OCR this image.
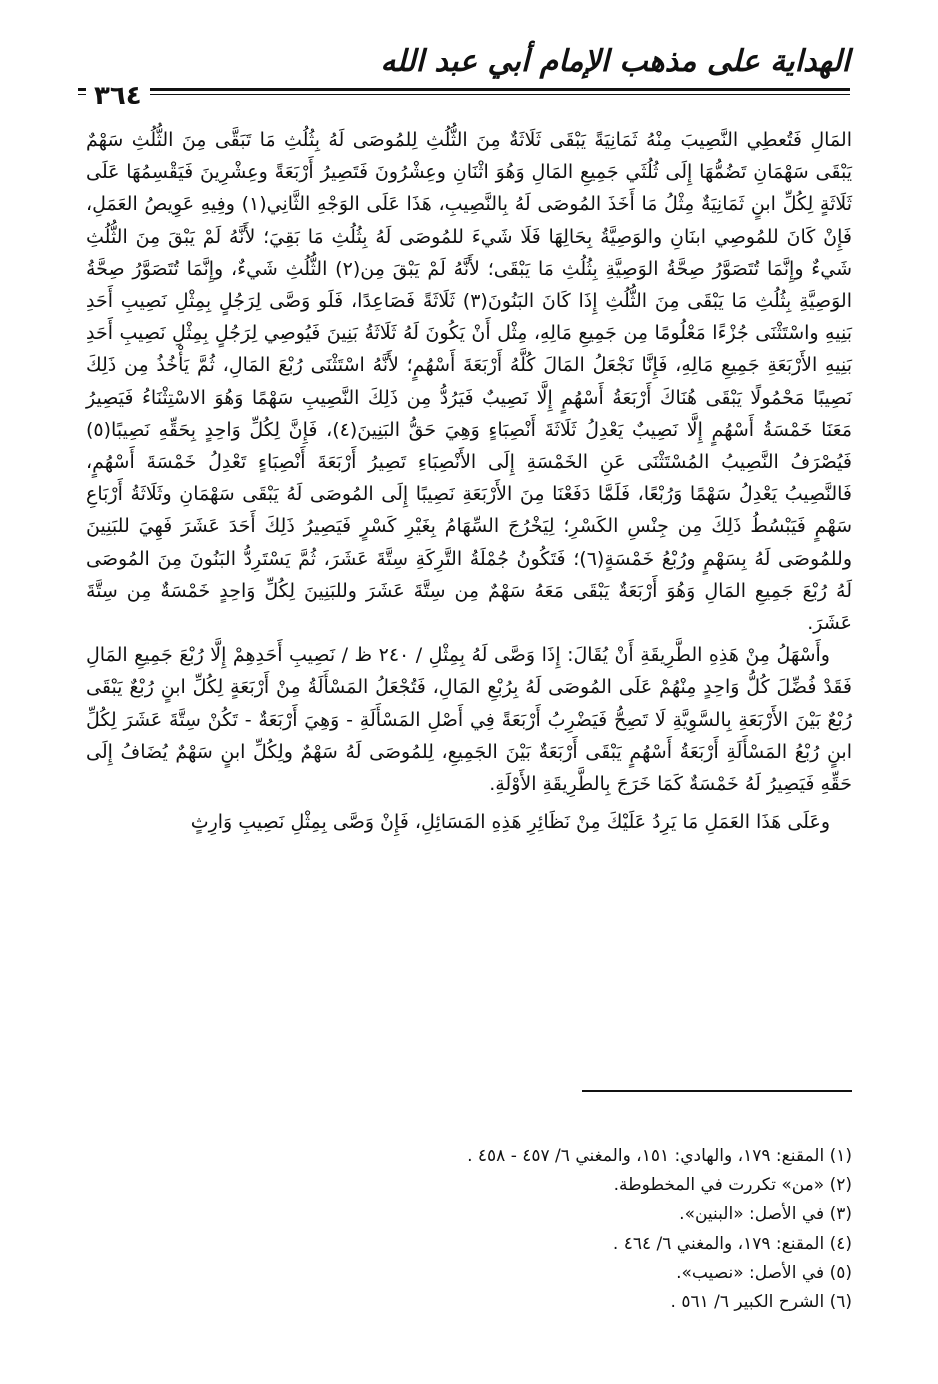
الهداية على مذهب الإمام أبي عبد الله
٣٦٤

المَالِ فَتُعطِي النَّصِيبَ مِنْهُ ثَمَانِيَةً يَبْقَى ثَلَاثَةٌ مِنَ الثُّلُثِ لِلمُوصَى لَهُ بِثُلُثِ مَا تَبَقَّى مِنَ الثُّلُثِ سَهْمٌ يَبْقَى سَهْمَانِ تَضُمُّهَا إِلَى ثُلُثَي جَمِيعِ المَالِ وَهُوَ اثْنَانِ وعِشْرُونَ فَتَصِيرُ أَرْبَعَةً وعِشْرِينَ فَيَقْسِمُهَا عَلَى ثَلَاثَةٍ لِكُلِّ ابنٍ ثَمَانِيَةٌ مِثْلُ مَا أَخَذَ المُوصَى لَهُ بِالنَّصِيبِ، هَذَا عَلَى الوَجْهِ الثَّانِي(١) وفِيهِ عَوِيصُ العَمَلِ، فَإِنْ كَانَ للمُوصِي ابنَانِ والوَصِيَّةُ بِحَالِهَا فَلَا شَيءَ للمُوصَى لَهُ بِثُلُثِ مَا بَقِيَ؛ لأَنَّهُ لَمْ يَبْقَ مِنَ الثُّلُثِ شَيءٌ وإِنَّمَا تُتَصَوَّرُ صِحَّةُ الوَصِيَّةِ بِثُلُثِ مَا يَبْقَى؛ لأَنَّهُ لَمْ يَبْقَ مِن(٢) الثُّلُثِ شَيءٌ، وإِنَّمَا تُتَصَوَّرُ صِحَّةُ الوَصِيَّةِ بِثُلُثِ مَا يَبْقَى مِنَ الثُّلُثِ إِذَا كَانَ البَنُونَ(٣) ثَلَاثَةً فَصَاعِدًا، فَلَو وَصَّى لِرَجُلٍ بِمِثْلِ نَصِيبِ أَحَدِ بَنِيهِ واسْتَثْنَى جُزْءًا مَعْلُومًا مِن جَمِيعِ مَالِهِ، مِثْل أَنْ يَكُونَ لَهُ ثَلَاثَةُ بَنِينَ فَيُوصِي لِرَجُلٍ بِمِثْلِ نَصِيبِ أَحَدِ بَنِيهِ الأَرْبَعَةِ جَمِيعِ مَالِهِ، فَإِنَّا نَجْعَلُ المَالَ كُلَّهُ أَرْبَعَةَ أَسْهُمٍ؛ لأَنَّهُ اسْتَثْنَى رُبْعَ المَالِ، ثُمَّ يَأْخُذُ مِن ذَلِكَ نَصِيبًا مَحْمُولًا يَبْقَى هُنَاكَ أَرْبَعَةُ أَسْهُمٍ إِلَّا نَصِيبٌ فَيَرُدُّ مِن ذَلِكَ النَّصِيبِ سَهْمًا وَهُوَ الاسْتِثْنَاءُ فَيَصِيرُ مَعَنَا خَمْسَةُ أَسْهُمٍ إِلَّا نَصِيبٌ يَعْدِلُ ثَلَاثَةَ أَنْصِبَاءٍ وَهِيَ حَقُّ البَنِينَ(٤)، فَإِنَّ لِكُلِّ وَاحِدٍ بِحَقِّهِ نَصِيبًا(٥) فَيُصْرَفُ النَّصِيبُ المُسْتَثْنَى عَنِ الخَمْسَةِ إِلَى الأَنْصِبَاءِ تَصِيرُ أَرْبَعَةَ أَنْصِبَاءٍ تَعْدِلُ خَمْسَةَ أَسْهُمٍ، فَالنَّصِيبُ يَعْدِلُ سَهْمًا وَرُبْعًا، فَلَمَّا دَفَعْنَا مِنَ الأَرْبَعَةِ نَصِيبًا إِلَى المُوصَى لَهُ يَبْقَى سَهْمَانِ وثَلَاثَةُ أَرْبَاعِ سَهْمٍ فَيَبْسُطُ ذَلِكَ مِن جِنْسِ الكَسْرِ؛ لِيَخْرُجَ السِّهَامُ بِغَيْرِ كَسْرٍ فَيَصِيرُ ذَلِكَ أَحَدَ عَشَرَ فَهِيَ للبَنِينَ وللمُوصَى لَهُ بِسَهْمٍ ورُبْعُ خَمْسَةٍ(٦)؛ فَتَكُونُ جُمْلَةُ التَّرِكَةِ سِتَّةَ عَشَرَ، ثُمَّ يَسْتَرِدُّ البَنُونَ مِنَ المُوصَى لَهُ رُبْعَ جَمِيعِ المَالِ وَهُوَ أَرْبَعَةٌ يَبْقَى مَعَهُ سَهْمٌ مِن سِتَّةَ عَشَرَ وللبَنِينَ لِكُلِّ وَاحِدٍ خَمْسَةٌ مِن سِتَّةَ عَشَرَ.

وأَسْهَلُ مِنْ هَذِهِ الطَّرِيقَةِ أَنْ يُقَالَ: إِذَا وَصَّى لَهُ بِمِثْلِ / ٢٤٠ ظ / نَصِيبِ أَحَدِهِمْ إِلَّا رُبْعَ جَمِيعِ المَالِ فَقَدْ فُضِّلَ كُلُّ وَاحِدٍ مِنْهُمْ عَلَى المُوصَى لَهُ بِرُبْعِ المَالِ، فَتُجْعَلُ المَسْأَلَةُ مِنْ أَرْبَعَةٍ لِكُلِّ ابنٍ رُبْعٌ يَبْقَى رُبْعٌ بَيْنَ الأَرْبَعَةِ بِالسَّوِيَّةِ لَا تَصِحُّ فَيَضْرِبُ أَرْبَعَةً فِي أَصْلِ المَسْأَلَةِ - وَهِيَ أَرْبَعَةٌ - تَكُنْ سِتَّةَ عَشَرَ لِكُلِّ ابنٍ رُبْعُ المَسْأَلَةِ أَرْبَعَةُ أَسْهُمٍ يَبْقَى أَرْبَعَةٌ بَيْنَ الجَمِيعِ، لِلمُوصَى لَهُ سَهْمٌ ولِكُلِّ ابنٍ سَهْمٌ يُضَافُ إِلَى حَقِّهِ فَيَصِيرُ لَهُ خَمْسَةٌ كَمَا خَرَجَ بِالطَّرِيقَةِ الأَوْلَةِ.

وعَلَى هَذَا العَمَلِ مَا يَرِدُ عَلَيْكَ مِنْ نَظَائِرِ هَذِهِ المَسَائِلِ، فَإِنْ وَصَّى بِمِثْلِ نَصِيبِ وَارِثٍ

(١) المقنع: ١٧٩، والهادي: ١٥١، والمغني ٦/ ٤٥٧ - ٤٥٨ .

(٢) «من» تكررت في المخطوطة.

(٣) في الأصل: «البنين».

(٤) المقنع: ١٧٩، والمغني ٦/ ٤٦٤ .

(٥) في الأصل: «نصيب».

(٦) الشرح الكبير ٦/ ٥٦١ .
